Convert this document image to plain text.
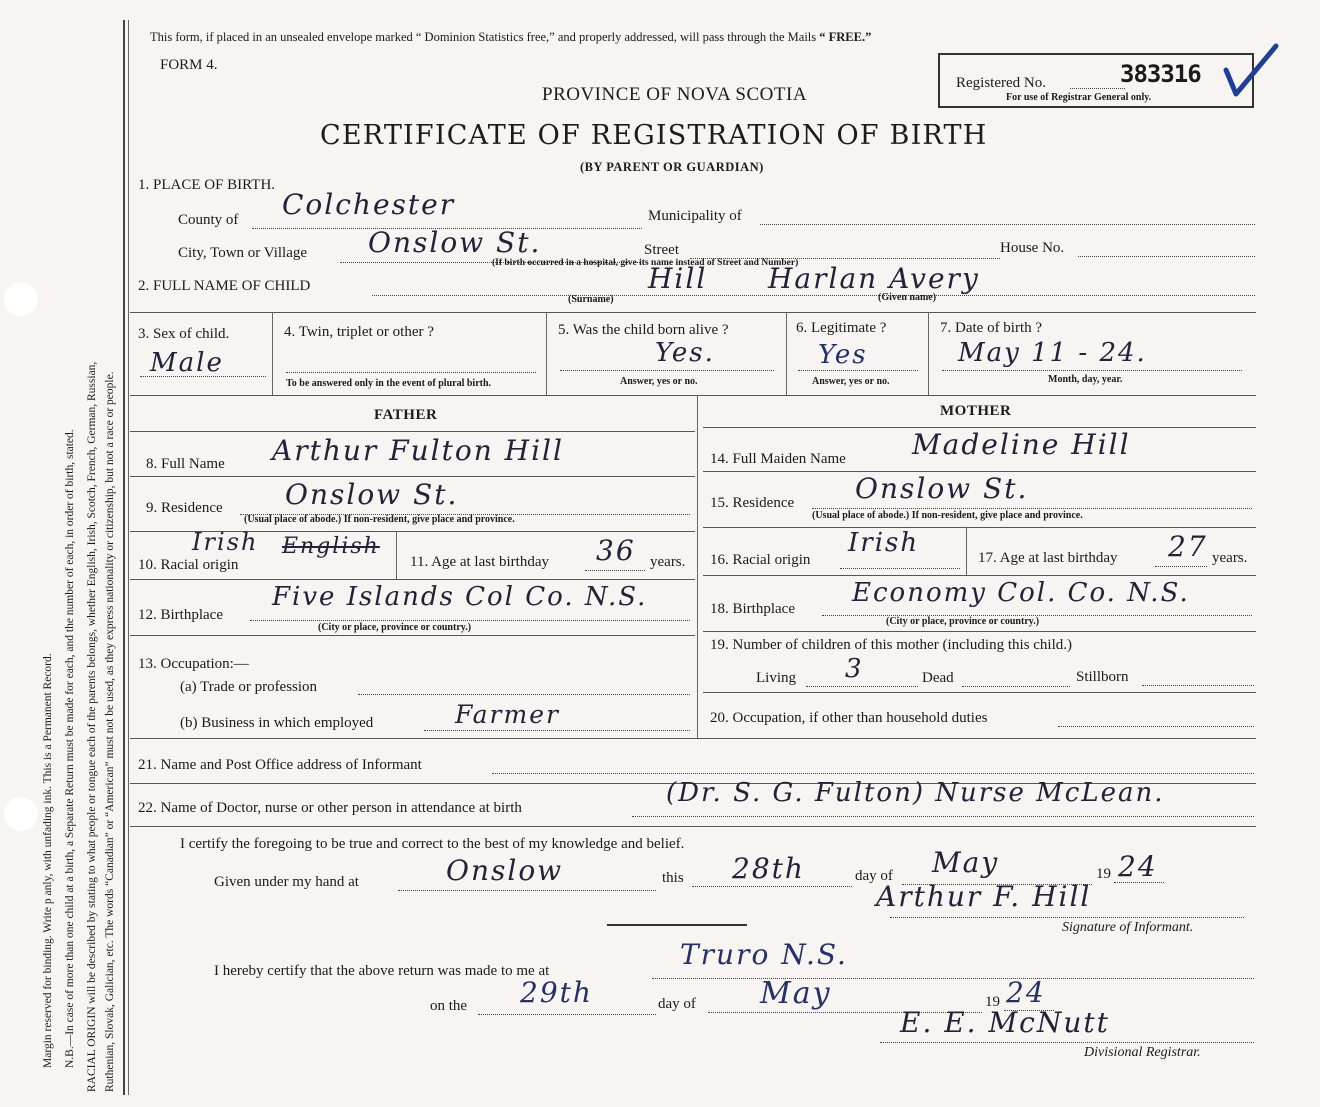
Margin reserved for binding. Write p anly, with unfading ink. This is a Permanent Record. N.B.—In case of more than one child at a birth, a Separate Return must be made for each, and the number of each, in order of birth, stated. RACIAL ORIGIN will be described by stating to what people or tongue each of the parents belongs, whether English, Irish, Scotch, French, German, Russian, Ruthenian, Slovak, Galician, etc. The words “Canadian” or “American” must not be used, as they express nationality or citizenship, but not a race or people.
This form, if placed in an unsealed envelope marked “ Dominion Statistics free,” and properly addressed, will pass through the Mails “ FREE.”
FORM 4.
PROVINCE OF NOVA SCOTIA
CERTIFICATE OF REGISTRATION OF BIRTH
(BY PARENT OR GUARDIAN)
Registered No.	383316
For use of Registrar General only.
1. PLACE OF BIRTH.
County of Colchester	Municipality of
City, Town or Village Onslow St.	Street	House No.
(If birth occurred in a hospital, give its name instead of Street and Number)
2. FULL NAME OF CHILD	Hill Harlan Avery
(Surname)	(Given name)
3. Sex of child.
Male
4. Twin, triplet or other ?
To be answered only in the event of plural birth.
5. Was the child born alive ?
Yes.
Answer, yes or no.
6. Legitimate ?
Yes
Answer, yes or no.
7. Date of birth ?
May 11 - 24.
Month, day, year.
FATHER	MOTHER
8. Full Name Arthur Fulton Hill
9. Residence Onslow St.
(Usual place of abode.) If non-resident, give place and province.
10. Racial origin
Irish English
11. Age at last birthday 36 years.
12. Birthplace
Five Islands Col Co. N.S.
(City or place, province or country.)
13. Occupation:—
(a) Trade or profession
(b) Business in which employed	Farmer
14. Full Maiden Name Madeline Hill
15. Residence Onslow St.
(Usual place of abode.) If non-resident, give place and province.
16. Racial origin
Irish	17. Age at last birthday 27 years.
18. Birthplace
Economy Col. Co. N.S.
(City or place, province or country.)
19. Number of children of this mother (including this child.)
Living 3	Dead	Stillborn
20. Occupation, if other than household duties
21. Name and Post Office address of Informant
22. Name of Doctor, nurse or other person in attendance at birth	(Dr. S. G. Fulton) Nurse McLean.
I certify the foregoing to be true and correct to the best of my knowledge and belief.
Given under my hand at	Onslow	this 28th	day of May	19 24
Arthur F. Hill
Signature of Informant.
I hereby certify that the above return was made to me at	Truro N.S.
on the 29th	day of May	19 24
E. E. McNutt
Divisional Registrar.
